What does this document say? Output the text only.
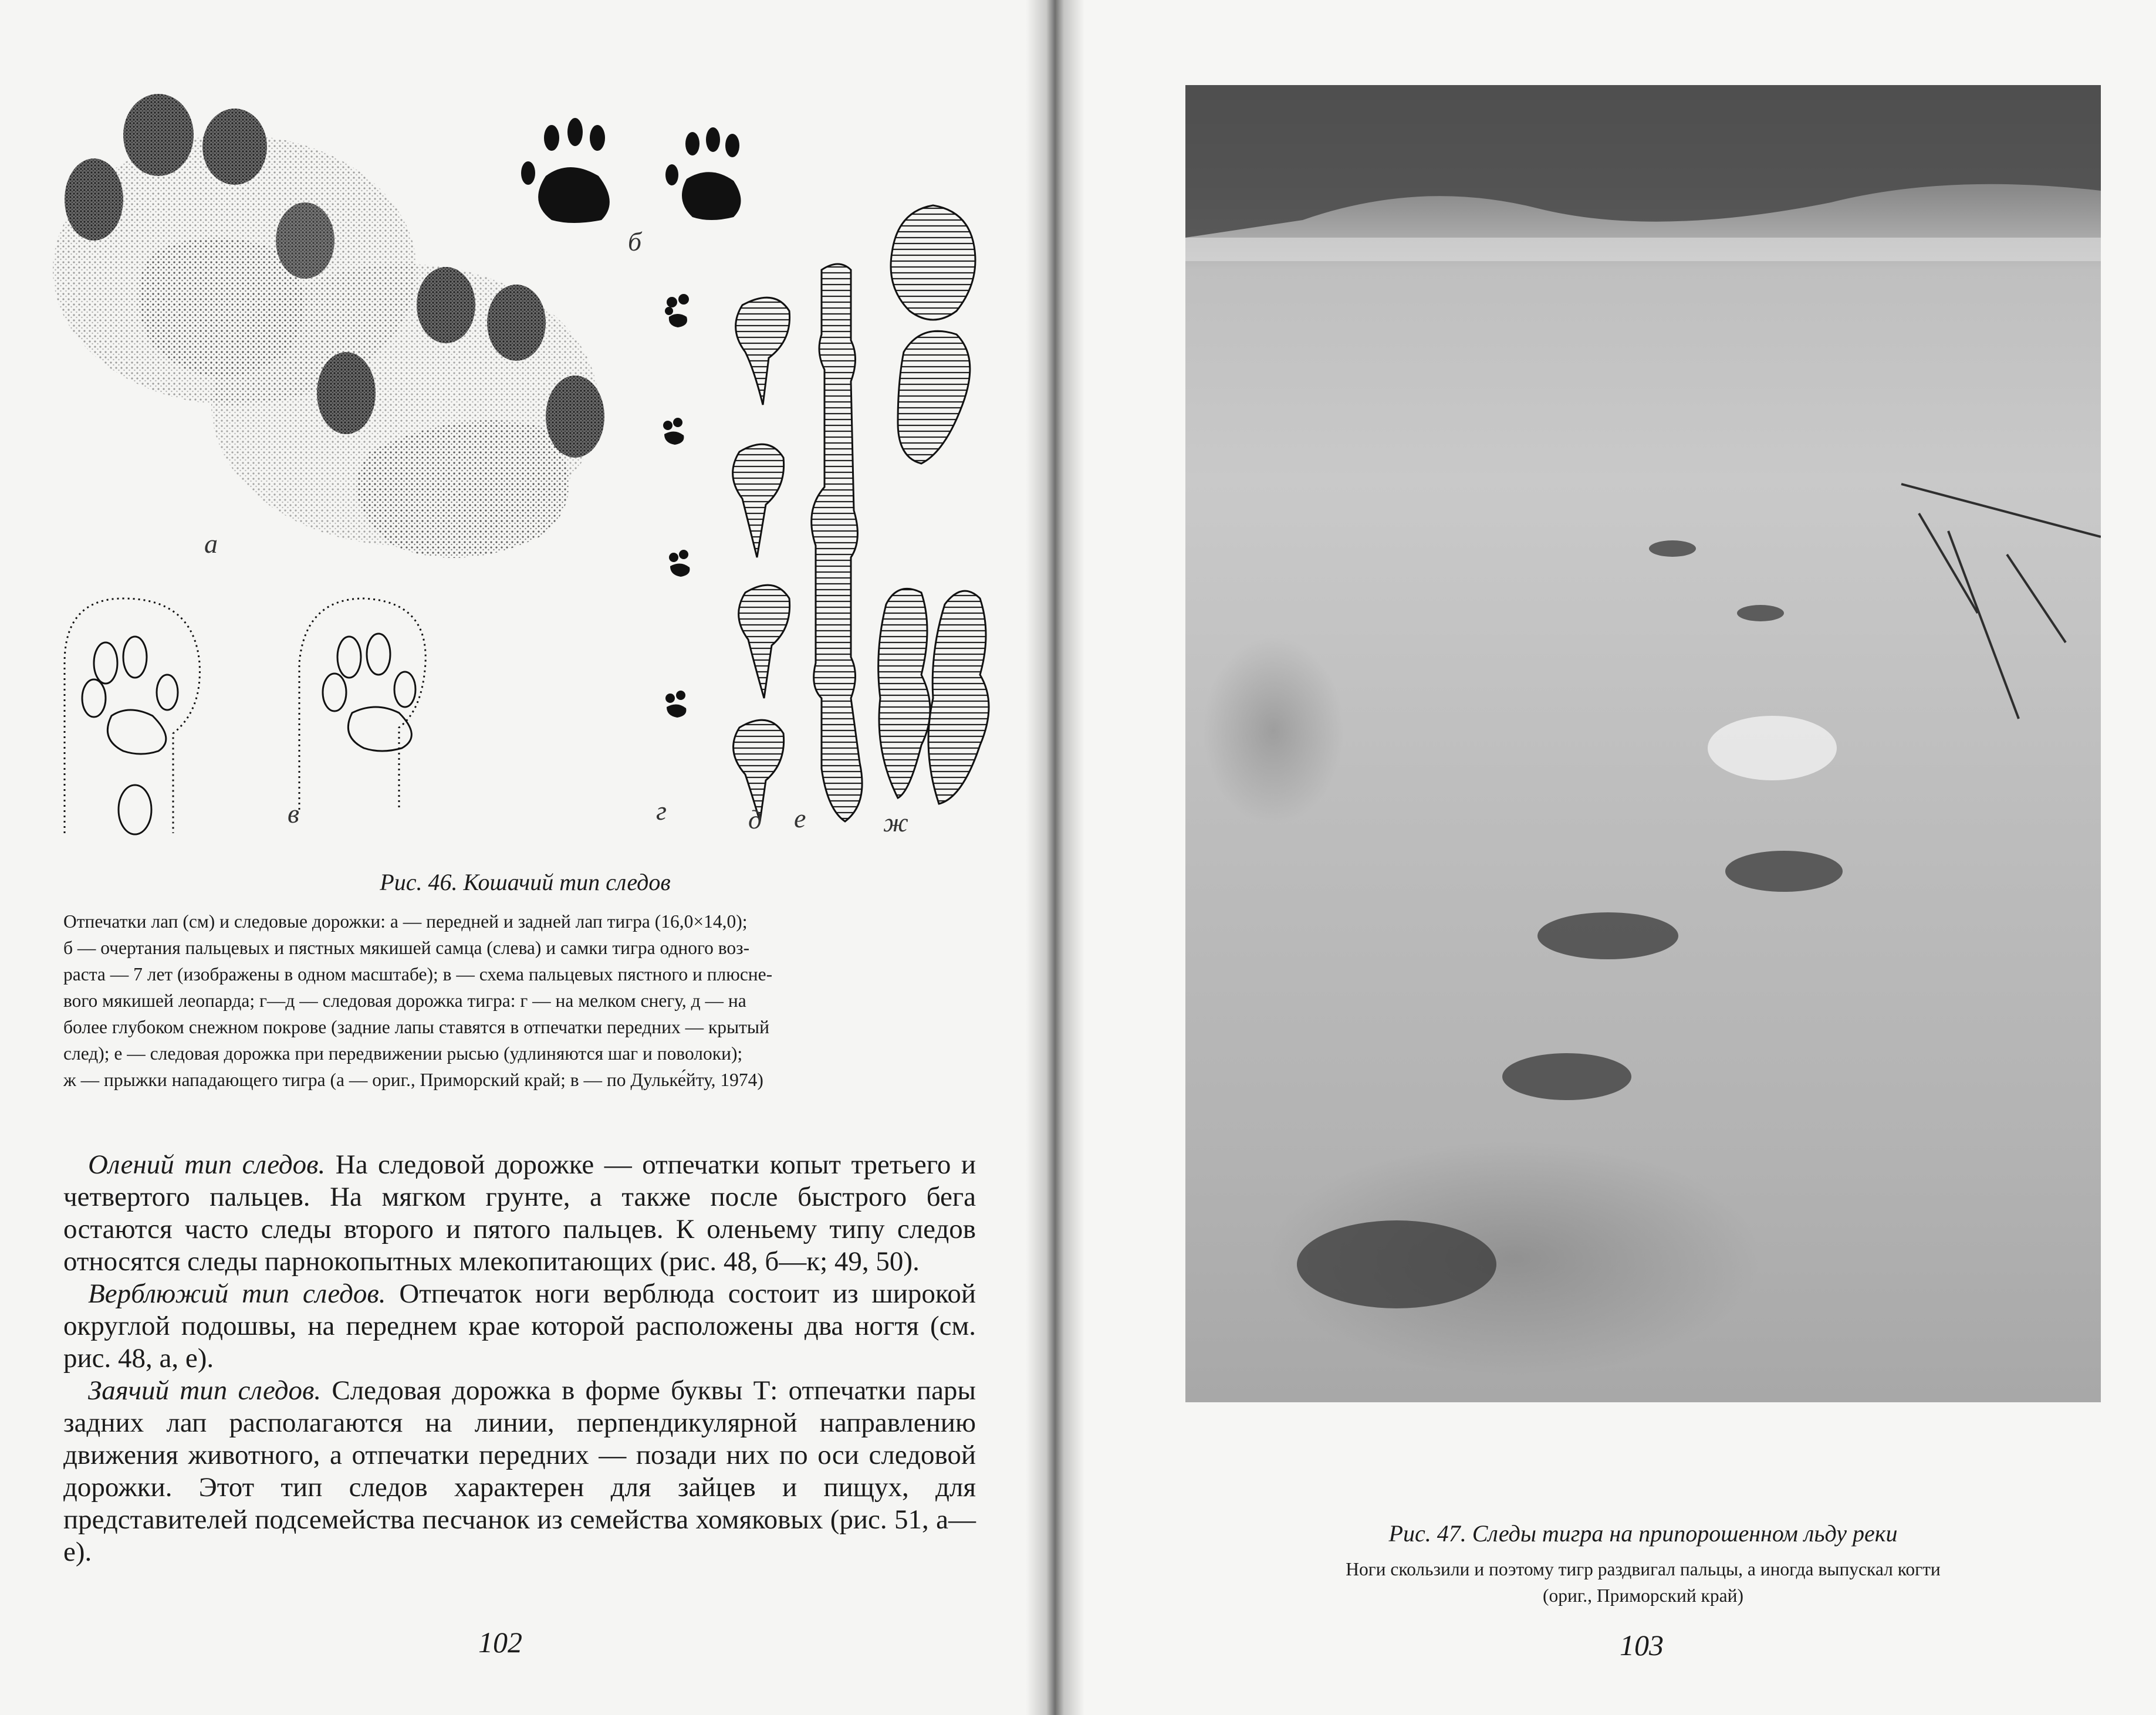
а
б
в	г	д е	ж
Рис. 46. Кошачий тип следов

Отпечатки лап (см) и следовые дорожки: а — передней и задней лап тигра (16,0×14,0);

б — очертания пальцевых и пястных мякишей самца (слева) и самки тигра одного воз-

раста — 7 лет (изображены в одном масштабе); в — схема пальцевых пястного и плюсне-

вого мякишей леопарда; г—д — следовая дорожка тигра: г — на мелком снегу, д — на

более глубоком снежном покрове (задние лапы ставятся в отпечатки передних — крытый

след); е — следовая дорожка при передвижении рысью (удлиняются шаг и поволоки);

ж — прыжки нападающего тигра (а — ориг., Приморский край; в — по Дульке́йту, 1974)

Олений тип следов. На следовой дорожке — отпечатки копыт третьего и четвертого пальцев. На мягком грунте, а также после быстрого бега остаются часто следы второго и пятого пальцев. К оленьему типу следов относятся следы парнокопытных млекопитающих (рис. 48, б—к; 49, 50).

Верблюжий тип следов. Отпечаток ноги верблюда состоит из широкой округлой подошвы, на переднем крае которой расположены два ногтя (см. рис. 48, а, е).

Заячий тип следов. Следовая дорожка в форме буквы Т: отпечатки пары задних лап располагаются на линии, перпендикулярной направлению движения животного, а отпечатки передних — позади них по оси следовой дорожки. Этот тип следов характерен для зайцев и пищух, для представителей подсемейства песчанок из семейства хомяковых (рис. 51, а—е).

102
Рис. 47. Следы тигра на припорошенном льду реки
Ноги скользили и поэтому тигр раздвигал пальцы, а иногда выпускал когти
(ориг., Приморский край)
103
